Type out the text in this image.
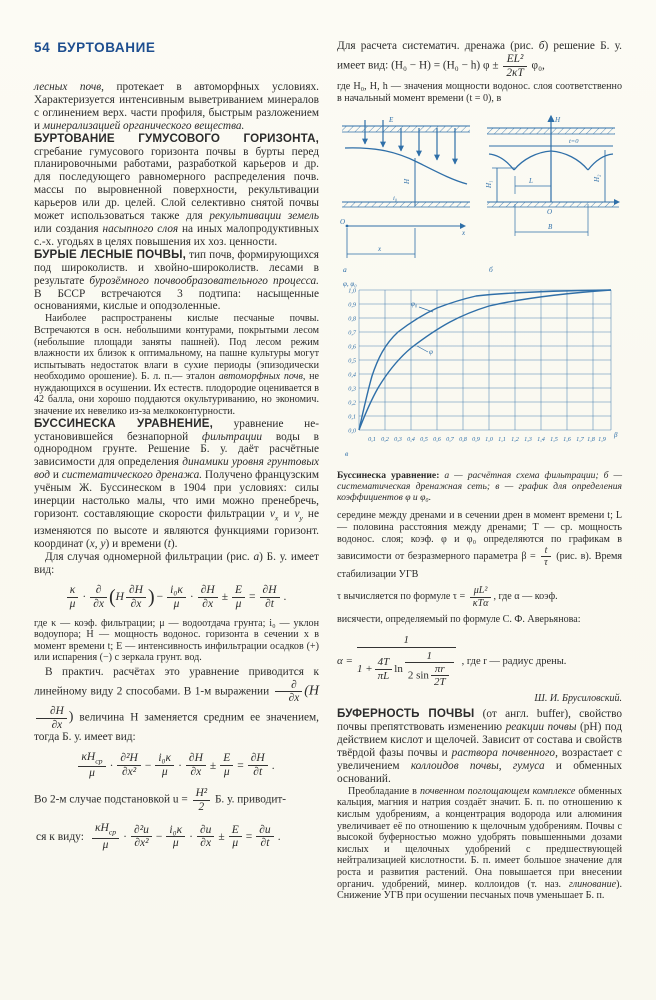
54 БУРТОВАНИЕ

лесных почв, протекает в автоморфных условиях. Характеризуется интенсивным выветриванием минералов с оглинением верх. части профиля, быстрым разложением и минерализацией органического вещества.

БУРТОВАНИЕ ГУМУСОВОГО ГОРИЗОНТА, сгребание гумусового горизонта почвы в бурты перед планировочными работами, разработкой карьеров и др. для последующего равномерного распределения почв. массы по выровненной поверхности, рекультивации карьеров или др. целей. Слой селективно снятой почвы может использоваться также для рекультивации земель или создания насыпного слоя на иных малопродуктивных с.-х. угодьях в целях повышения их хоз. ценности.

БУРЫЕ ЛЕСНЫЕ ПОЧВЫ, тип почв, формирующихся под широколиств. и хвойно-широколиств. лесами в результате бурозёмного почвообразовательного процесса. В БССР встречаются 3 подтипа: насыщенные основаниями, кислые и оподзоленные.

Наиболее распространены кислые песчаные почвы. Встречаются в осн. небольшими контурами, покрытыми лесом (небольшие площади заняты пашней). Под лесом режим влажности их близок к оптимальному, на пашне культуры могут испытывать недостаток влаги в сухие периоды (эпизодически необходимо орошение). Б. л. п.— эталон автоморфных почв, не нуждающихся в осушении. Их естеств. плодородие оценивается в 42 балла, они хорошо поддаются окультуриванию, но экономич. значение их невелико из-за мелкоконтурности.

БУССИНЕСКА УРАВНЕНИЕ, уравнение неустановившейся безнапорной фильтрации воды в однородном грунте. Решение Б. у. даёт расчётные зависимости для определения динамики уровня грунтовых вод и систематического дренажа. Получено французским учёным Ж. Буссинеском в 1904 при условиях: силы инерции настолько малы, что ими можно пренебречь, горизонт. составляющие скорости фильтрации $v_x$ и $v_y$ не изменяются по высоте и являются функциями горизонт. координат (x, y) и времени (t).

Для случая одномерной фильтрации (рис. а) Б. у. имеет вид:

$\frac{\kappa}{\mu} \cdot \frac{\partial}{\partial x} (H \frac{\partial H}{\partial x}$ ) − $\frac{\text{i₀κ}}{\mu} \cdot \frac{\partial H}{\partial x} \pm \frac{E}{\mu} = \frac{\partial H}{\partial t}$ .

где κ — коэф. фильтрации; μ — водоотдача грунта; i₀ — уклон водоупора; H — мощность водонос. горизонта в сечении x в момент времени t; E — интенсивность инфильтрации осадков (+) или испарения (−) с зеркала грунт. вод.

В практич. расчётах это уравнение приводится к линейному виду 2 способами. В 1-м выражении $\frac{\partial}{\partial x} (H$
$\frac{\partial H}{\partial x}$ ) величина H заменяется средним ее значением, тогда Б. у. имеет вид:

$\frac{\kappa H_{ср}}{\mu} \cdot \frac{\text{∂²H}}{\text{∂x²}} - \frac{\text{i₀κ}}{\mu} \cdot \frac{\partial H}{\partial x} \pm \frac{E}{\mu} = \frac{\partial H}{\partial t}$ .

Во 2-м случае подстановкой $u = \frac{\text{H²}}{2} Б$. у. приводит-

ся к виду: $\frac{\kappa H_{ср}}{\mu} \cdot \frac{\text{∂²u}}{\text{∂x²}} - \frac{\text{i₀κ}}{\mu} \cdot \frac{\partial u}{\partial x} \pm \frac{E}{\mu} = \frac{\partial u}{\partial t}$ .

Для расчета систематич. дренажа (рис. б) решение Б. у. имеет вид: (H₀ − H) = (H₀ − h) $\varphi \pm \frac{\text{EL²}}{2\kappa T} \varphi_0$,

где H₀, H, h — значения мощности водонос. слоя соответственно в начальный момент времени (t = 0), в

E
i₀
H
O
x
x
а
H
t=0
O
H₁
H₂
L
B
б
φ, φ₀
0,0
0,1
0,2
0,3
0,4
0,5
0,6
0,7
0,8
0,9
1,0
0,1 0,2 0,3 0,4 0,5 0,6 0,7 0,8 0,9 1,0 1,1 1,2 1,3 1,4 1,5 1,6 1,7 1,8 1,9
β
φ₀
φ
в

Буссинеска уравнение: а — расчётная схема фильтрации; б — систематическая дренажная сеть; в — график для определения коэффициентов φ и φ₀.

середине между дренами и в сечении дрен в момент времени t; L — половина расстояния между дренами; T — ср. мощность водонос. слоя; коэф. φ и φ₀ определяются по графикам в зависимости от безразмерного параметра $\beta = \frac{t}{\tau} (рис$. в). Время стабилизации УГВ

τ вычисляется по формуле $\tau = \frac{\text{μL²}}{\text{κTα}}$ , где α — коэф.

висячести, определяемый по формуле С. Ф. Аверьянова:

α =
1
$1 + \frac{4T}{\pi L}$ $\ln \frac{1}{2 \sin \frac{\pi r}{2T}}$ , где r — радиус дрены.

Ш. И. Брусиловский.

БУФЕРНОСТЬ ПОЧВЫ (от англ. buffer), свойство почвы препятствовать изменению реакции почвы (pH) под действием кислот и щелочей. Зависит от состава и свойств твёрдой фазы почвы и раствора почвенного, возрастает с увеличением коллоидов почвы, гумуса и обменных оснований.

Преобладание в почвенном поглощающем комплексе обменных кальция, магния и натрия создаёт значит. Б. п. по отношению к кислым удобрениям, а концентрация водорода или алюминия увеличивает её по отношению к щелочным удобрениям. Почвы с высокой буферностью можно удобрять повышенными дозами кислых и щелочных удобрений с предшествующей нейтрализацией кислотности. Б. п. имеет большое значение для роста и развития растений. Она повышается при внесении органич. удобрений, минер. коллоидов (т. наз. глинование). Снижение УГВ при осушении песчаных почв уменьшает Б. п.
